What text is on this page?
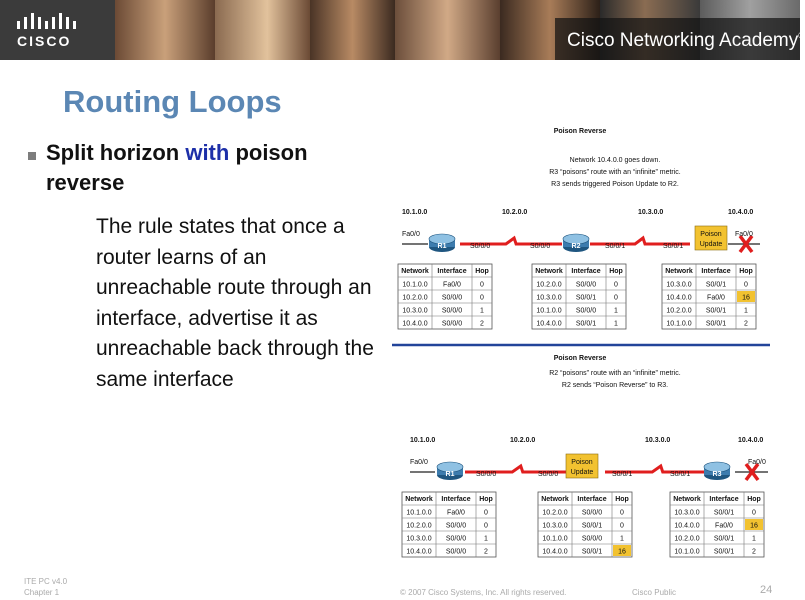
CISCO	Cisco Networking Academy®
Routing Loops
Split horizon with poison reverse
The rule states that once a router learns of an unreachable route through an interface, advertise it as unreachable back through the same interface
Poison Reverse
Network 10.4.0.0 goes down.
R3 “poisons” route with an “infinite” metric.
R3 sends triggered Poison Update to R2.
10.1.0.0	10.2.0.0	10.3.0.0	10.4.0.0
R1	R2
Poison
Update
Fa0/0
S0/0/0	S0/0/0	S0/0/1	S0/0/1
Fa0/0
Network Interface Hop
10.1.0.0 Fa0/0	0
10.2.0.0 S0/0/0	0
10.3.0.0 S0/0/0	1
10.4.0.0 S0/0/0	2
Network Interface Hop
10.2.0.0 S0/0/0	0
10.3.0.0 S0/0/1	0
10.1.0.0 S0/0/0	1
10.4.0.0 S0/0/1	1
Network Interface Hop
10.3.0.0 S0/0/1	0
10.4.0.0 Fa0/0 16
10.2.0.0 S0/0/1	1
10.1.0.0 S0/0/1	2
Poison Reverse
R2 “poisons” route with an “infinite” metric.
R2 sends “Poison Reverse” to R3.
10.1.0.0	10.2.0.0	10.3.0.0	10.4.0.0
R1	R3
Poison
Update
Fa0/0
S0/0/0	S0/0/0	S0/0/1	S0/0/1
Fa0/0
Network Interface Hop
10.1.0.0 Fa0/0	0
10.2.0.0 S0/0/0	0
10.3.0.0 S0/0/0	1
10.4.0.0 S0/0/0	2
Network Interface Hop
10.2.0.0 S0/0/0	0
10.3.0.0 S0/0/1	0
10.1.0.0 S0/0/0	1
10.4.0.0 S0/0/1 16
Network Interface Hop
10.3.0.0 S0/0/1	0
10.4.0.0 Fa0/0 16
10.2.0.0 S0/0/1	1
10.1.0.0 S0/0/1	2
ITE PC v4.0
Chapter 1	© 2007 Cisco Systems, Inc. All rights reserved.	Cisco Public	24
